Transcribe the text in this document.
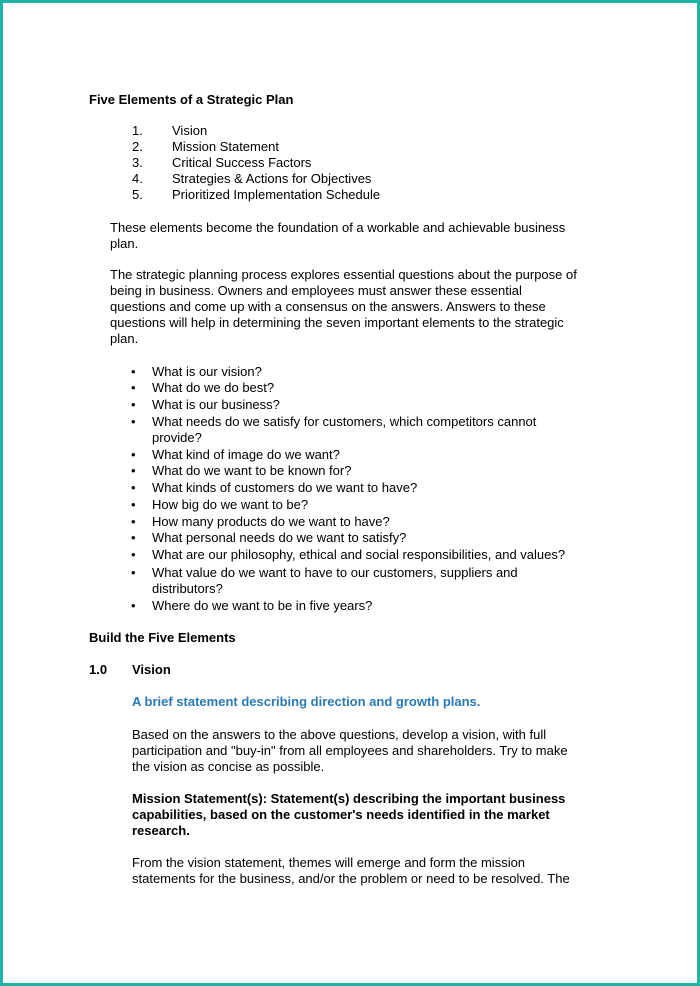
Five Elements of a Strategic Plan
1. Vision
2. Mission Statement
3. Critical Success Factors
4. Strategies & Actions for Objectives
5. Prioritized Implementation Schedule
These elements become the foundation of a workable and achievable business
plan.
The strategic planning process explores essential questions about the purpose of
being in business. Owners and employees must answer these essential
questions and come up with a consensus on the answers. Answers to these
questions will help in determining the seven important elements to the strategic
plan.
• What is our vision?
• What do we do best?
• What is our business?
• What needs do we satisfy for customers, which competitors cannot
provide?
• What kind of image do we want?
• What do we want to be known for?
• What kinds of customers do we want to have?
• How big do we want to be?
• How many products do we want to have?
• What personal needs do we want to satisfy?
• What are our philosophy, ethical and social responsibilities, and values?
• What value do we want to have to our customers, suppliers and
distributors?
• Where do we want to be in five years?
Build the Five Elements
1.0 Vision
A brief statement describing direction and growth plans.
Based on the answers to the above questions, develop a vision, with full
participation and "buy-in" from all employees and shareholders. Try to make
the vision as concise as possible.
Mission Statement(s): Statement(s) describing the important business
capabilities, based on the customer's needs identified in the market
research.
From the vision statement, themes will emerge and form the mission
statements for the business, and/or the problem or need to be resolved. The
